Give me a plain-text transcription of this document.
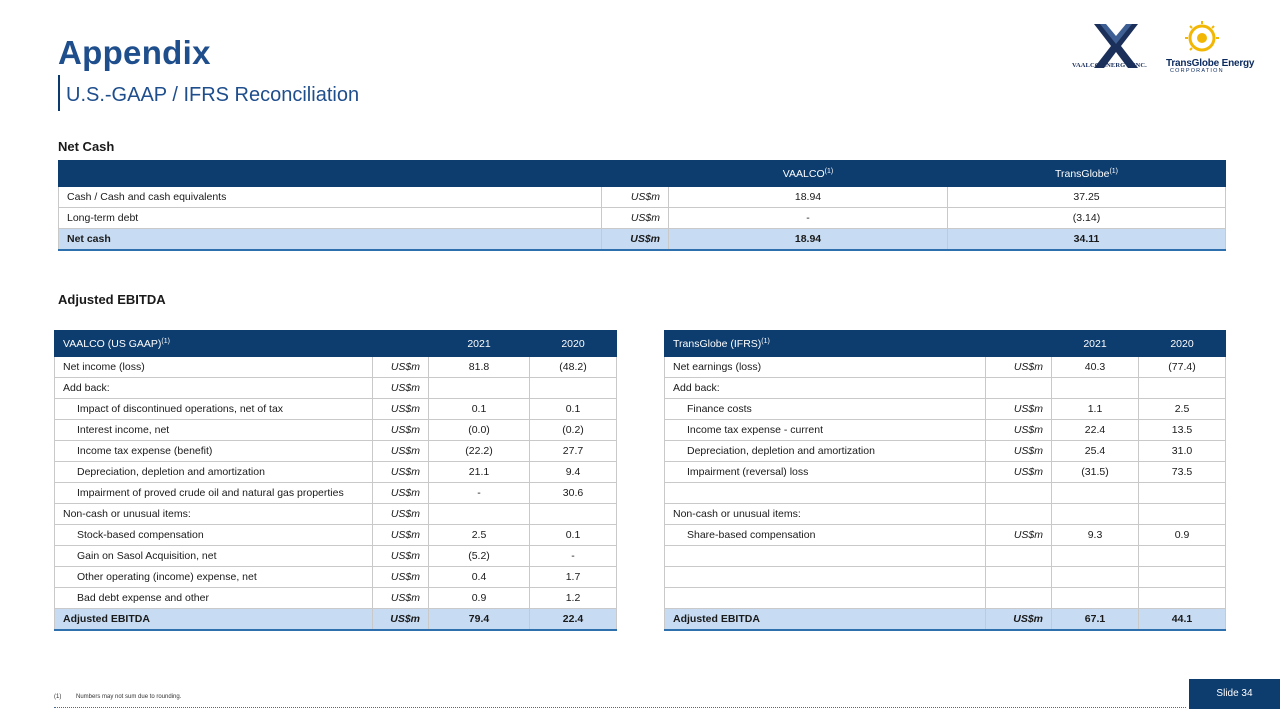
Appendix
U.S.-GAAP / IFRS Reconciliation
VAALCO ENERGY, INC. TransGlobe Energy
CORPORATION
Net Cash
		VAALCO$^{(1)}$	TransGlobe$^{(1)}$
Cash / Cash and cash equivalents	US$m	18.94	37.25
Long-term debt	US$m	-	(3.14)
Net cash	US$m	18.94	34.11
Adjusted EBITDA
VAALCO (US GAAP)$^{(1)}$		2021	2020
Net income (loss)	US$m	81.8	(48.2)
Add back:	US$m		
Impact of discontinued operations, net of tax	US$m	0.1	0.1
Interest income, net	US$m	(0.0)	(0.2)
Income tax expense (benefit)	US$m	(22.2)	27.7
Depreciation, depletion and amortization	US$m	21.1	9.4
Impairment of proved crude oil and natural gas properties	US$m	-	30.6
Non-cash or unusual items:	US$m		
Stock-based compensation	US$m	2.5	0.1
Gain on Sasol Acquisition, net	US$m	(5.2)	-
Other operating (income) expense, net	US$m	0.4	1.7
Bad debt expense and other	US$m	0.9	1.2
Adjusted EBITDA	US$m	79.4	22.4
TransGlobe (IFRS)$^{(1)}$		2021	2020
Net earnings (loss)	US$m	40.3	(77.4)
Add back:			
Finance costs	US$m	1.1	2.5
Income tax expense - current	US$m	22.4	13.5
Depreciation, depletion and amortization	US$m	25.4	31.0
Impairment (reversal) loss	US$m	(31.5)	73.5

Non-cash or unusual items:			
Share-based compensation	US$m	9.3	0.9

Adjusted EBITDA	US$m	67.1	44.1
(1) Numbers may not sum due to rounding.	Slide 34
